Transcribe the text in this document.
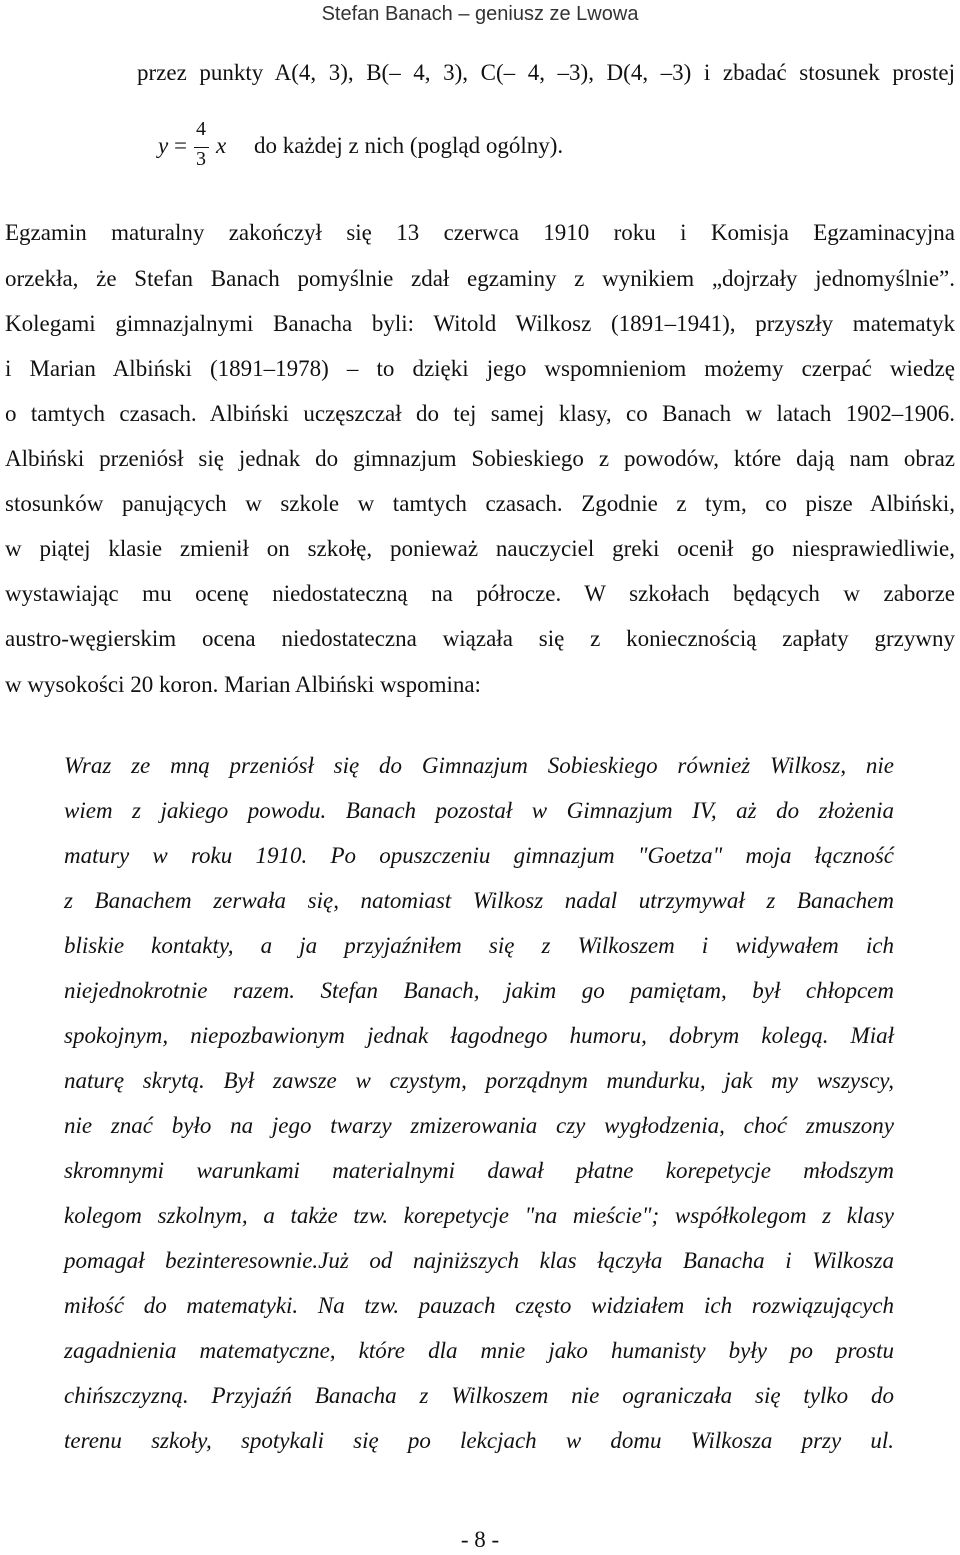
Stefan Banach – geniusz ze Lwowa
przez punkty A(4, 3), B(– 4, 3), C(– 4, –3), D(4, –3) i zbadać stosunek prostej
y =
4
3
x do każdej z nich (pogląd ogólny).
Egzamin maturalny zakończył się 13 czerwca 1910 roku i Komisja Egzaminacyjna
orzekła, że Stefan Banach pomyślnie zdał egzaminy z wynikiem „dojrzały jednomyślnie”.
Kolegami gimnazjalnymi Banacha byli: Witold Wilkosz (1891–1941), przyszły matematyk
i Marian Albiński (1891–1978) – to dzięki jego wspomnieniom możemy czerpać wiedzę
o tamtych czasach. Albiński uczęszczał do tej samej klasy, co Banach w latach 1902–1906.
Albiński przeniósł się jednak do gimnazjum Sobieskiego z powodów, które dają nam obraz
stosunków panujących w szkole w tamtych czasach. Zgodnie z tym, co pisze Albiński,
w piątej klasie zmienił on szkołę, ponieważ nauczyciel greki ocenił go niesprawiedliwie,
wystawiając mu ocenę niedostateczną na półrocze. W szkołach będących w zaborze
austro-węgierskim ocena niedostateczna wiązała się z koniecznością zapłaty grzywny
w wysokości 20 koron. Marian Albiński wspomina:
Wraz ze mną przeniósł się do Gimnazjum Sobieskiego również Wilkosz, nie
wiem z jakiego powodu. Banach pozostał w Gimnazjum IV, aż do złożenia
matury w roku 1910. Po opuszczeniu gimnazjum "Goetza" moja łączność
z Banachem zerwała się, natomiast Wilkosz nadal utrzymywał z Banachem
bliskie kontakty, a ja przyjaźniłem się z Wilkoszem i widywałem ich
niejednokrotnie razem. Stefan Banach, jakim go pamiętam, był chłopcem
spokojnym, niepozbawionym jednak łagodnego humoru, dobrym kolegą. Miał
naturę skrytą. Był zawsze w czystym, porządnym mundurku, jak my wszyscy,
nie znać było na jego twarzy zmizerowania czy wygłodzenia, choć zmuszony
skromnymi warunkami materialnymi dawał płatne korepetycje młodszym
kolegom szkolnym, a także tzw. korepetycje "na mieście"; współkolegom z klasy
pomagał bezinteresownie.Już od najniższych klas łączyła Banacha i Wilkosza
miłość do matematyki. Na tzw. pauzach często widziałem ich rozwiązujących
zagadnienia matematyczne, które dla mnie jako humanisty były po prostu
chińszczyzną. Przyjaźń Banacha z Wilkoszem nie ograniczała się tylko do
terenu szkoły, spotykali się po lekcjach w domu Wilkosza przy ul.
- 8 -
